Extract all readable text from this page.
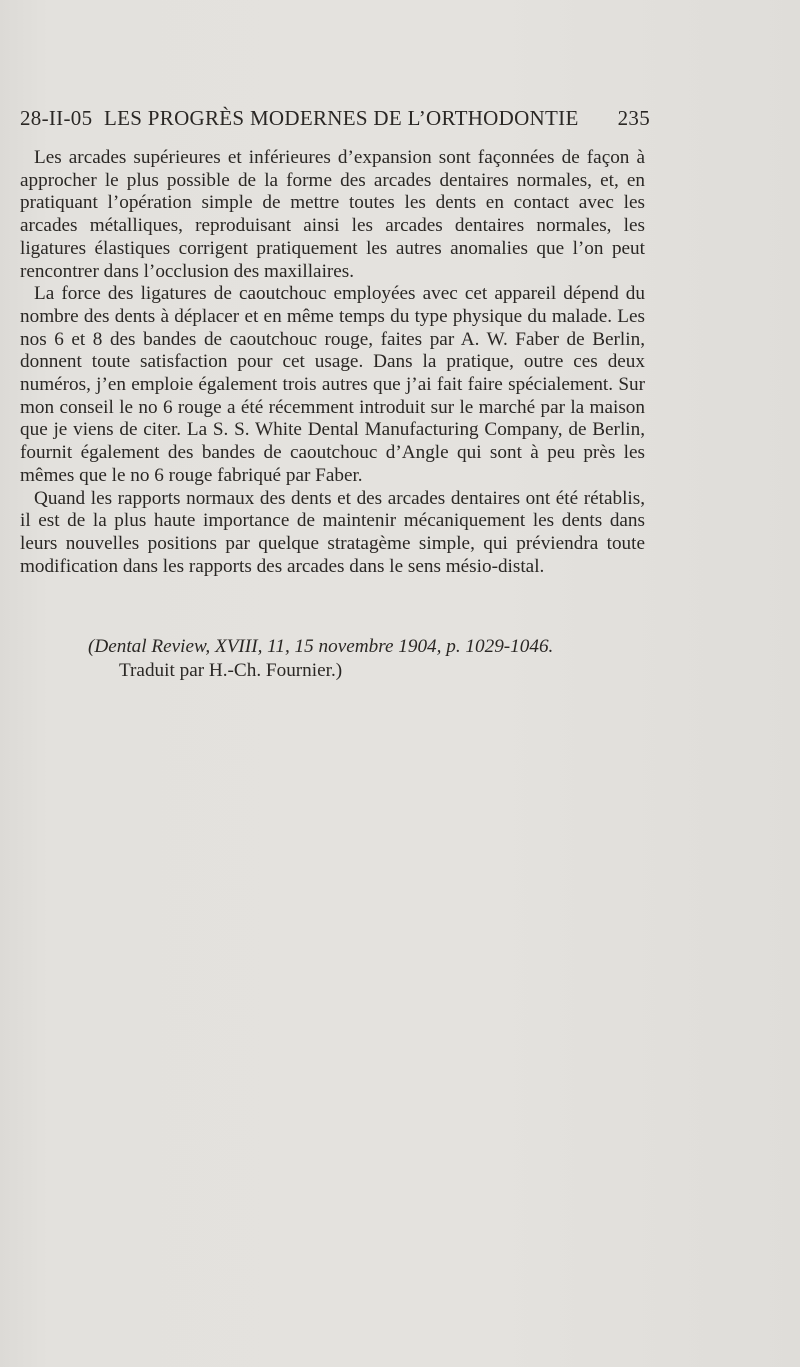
28-II-05 LES PROGRÈS MODERNES DE L’ORTHODONTIE 235

Les arcades supérieures et inférieures d’expansion sont façonnées de façon à approcher le plus possible de la forme des arcades dentaires normales, et, en pratiquant l’opération simple de mettre toutes les dents en contact avec les arcades métalliques, reproduisant ainsi les arcades dentaires normales, les ligatures élastiques corrigent pratiquement les autres anomalies que l’on peut rencontrer dans l’occlusion des maxillaires.

La force des ligatures de caoutchouc employées avec cet appareil dépend du nombre des dents à déplacer et en même temps du type physique du malade. Les nos 6 et 8 des bandes de caoutchouc rouge, faites par A. W. Faber de Berlin, donnent toute satisfaction pour cet usage. Dans la pratique, outre ces deux numéros, j’en emploie également trois autres que j’ai fait faire spécialement. Sur mon conseil le no 6 rouge a été récemment introduit sur le marché par la maison que je viens de citer. La S. S. White Dental Manufacturing Company, de Berlin, fournit également des bandes de caoutchouc d’Angle qui sont à peu près les mêmes que le no 6 rouge fabriqué par Faber.

Quand les rapports normaux des dents et des arcades dentaires ont été rétablis, il est de la plus haute importance de maintenir mécaniquement les dents dans leurs nouvelles positions par quelque stratagème simple, qui préviendra toute modification dans les rapports des arcades dans le sens mésio-distal.

(Dental Review, XVIII, 11, 15 novembre 1904, p. 1029-1046.
Traduit par H.-Ch. Fournier.)
